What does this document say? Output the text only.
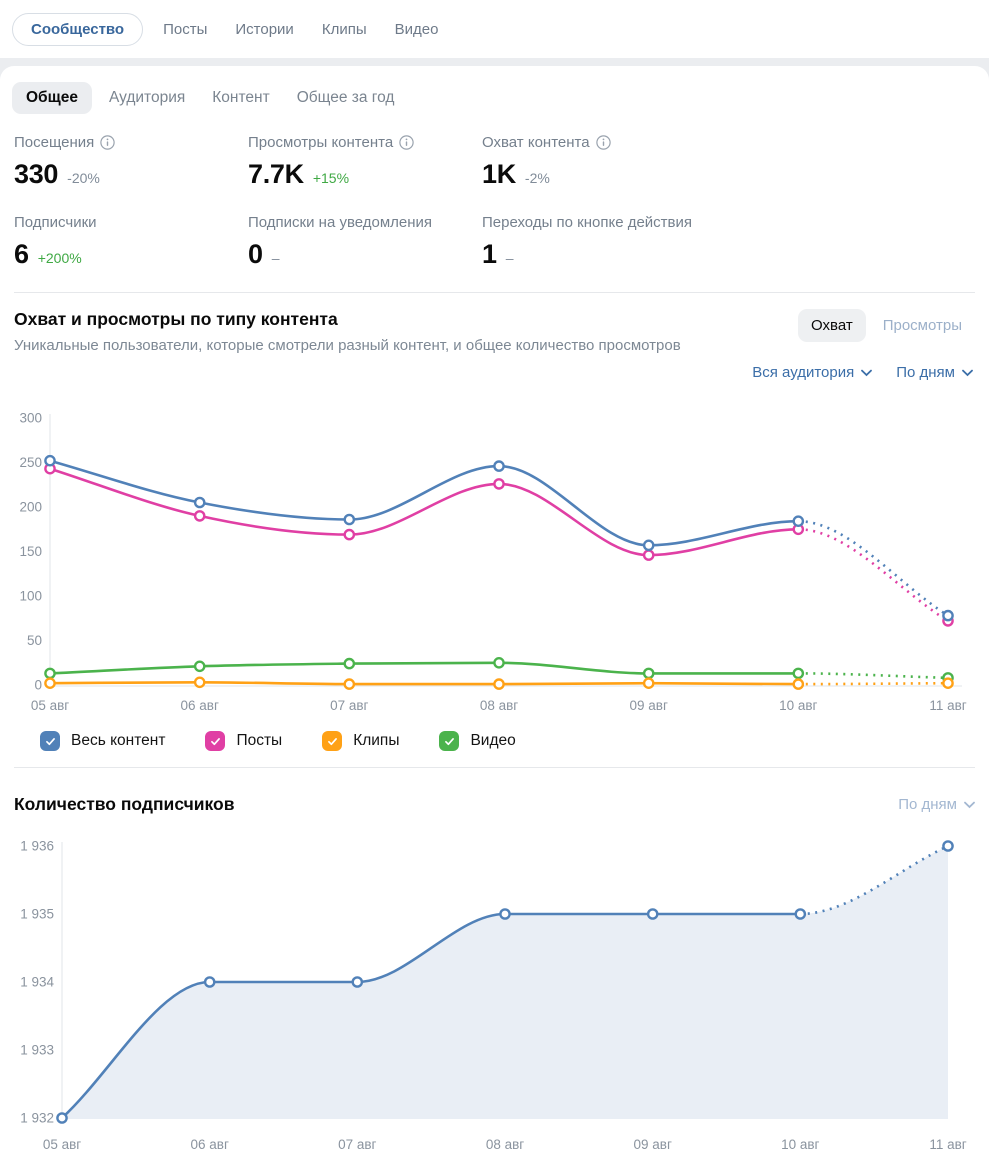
Сообщество	Посты Истории Клипы Видео
Общее	Аудитория Контент Общее за год
Посещения
330 -20%
Просмотры контента
7.7K +15%
Охват контента
1K -2%
Подписчики
6 +200%
Подписки на уведомления
0 –
Переходы по кнопке действия
1 –
Охват и просмотры по типу контента
Уникальные пользователи, которые смотрели разный контент, и общее количество просмотров
Охват	Просмотры
Вся аудитория	По дням
0
50
100
150
200
250
300
05 авг	06 авг	07 авг	08 авг	09 авг	10 авг	11 авг
Весь контент	Посты	Клипы	Видео
Количество подписчиков	По дням
1 932
1 933
1 934
1 935
1 936
05 авг	06 авг	07 авг	08 авг	09 авг	10 авг	11 авг
